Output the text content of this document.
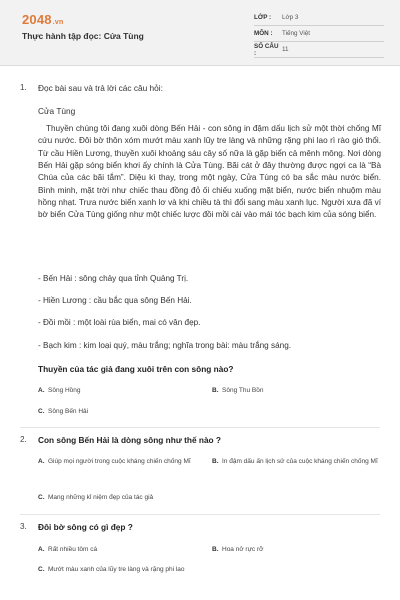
2048.vn
Thực hành tập đọc: Cửa Tùng
LỚP :	Lớp 3
MÔN :	Tiếng Việt
SỐ CÂU :	11
1. Đọc bài sau và trả lời các câu hỏi:
Cửa Tùng
Thuyền chúng tôi đang xuôi dòng Bến Hải - con sông in đậm dấu lịch sử một thời chống Mĩ cứu nước. Đôi bờ thôn xóm mướt màu xanh lũy tre làng và những rặng phi lao rì rào gió thổi. Từ cầu Hiền Lương, thuyền xuôi khoảng sáu cây số nữa là gặp biển cả mênh mông. Nơi dòng Bến Hải gặp sóng biển khơi ấy chính là Cửa Tùng. Bãi cát ở đây thường được ngợi ca là “Bà Chúa của các bãi tắm”. Diệu kì thay, trong một ngày, Cửa Tùng có ba sắc màu nước biển. Bình minh, mặt trời như chiếc thau đồng đỏ ối chiếu xuống mặt biển, nước biển nhuộm màu hồng nhạt. Trưa nước biển xanh lơ và khi chiều tà thì đổi sang màu xanh lục. Người xưa đã ví bờ biển Cửa Tùng giống như một chiếc lược đồi mồi cài vào mái tóc bạch kim của sóng biển.
- Bến Hải : sông chảy qua tỉnh Quảng Trị.
- Hiền Lương : cầu bắc qua sông Bến Hải.
- Đồi mồi : một loài rùa biển, mai có vân đẹp.
- Bạch kim : kim loại quý, màu trắng; nghĩa trong bài: màu trắng sáng.
Thuyền của tác giả đang xuôi trên con sông nào?
A. Sông Hồng	B. Sông Thu Bồn
C. Sông Bến Hải
2. Con sông Bến Hải là dòng sông như thế nào ?
A. Giúp mọi người trong cuộc kháng chiến chống Mĩ	B. In đậm dấu ấn lịch sử của cuộc kháng chiến chống Mĩ
C. Mang những kỉ niệm đẹp của tác giả
3. Đôi bờ sông có gì đẹp ?
A. Rất nhiều tôm cá	B. Hoa nở rực rỡ
C. Mướt màu xanh của lũy tre làng và rặng phi lao
